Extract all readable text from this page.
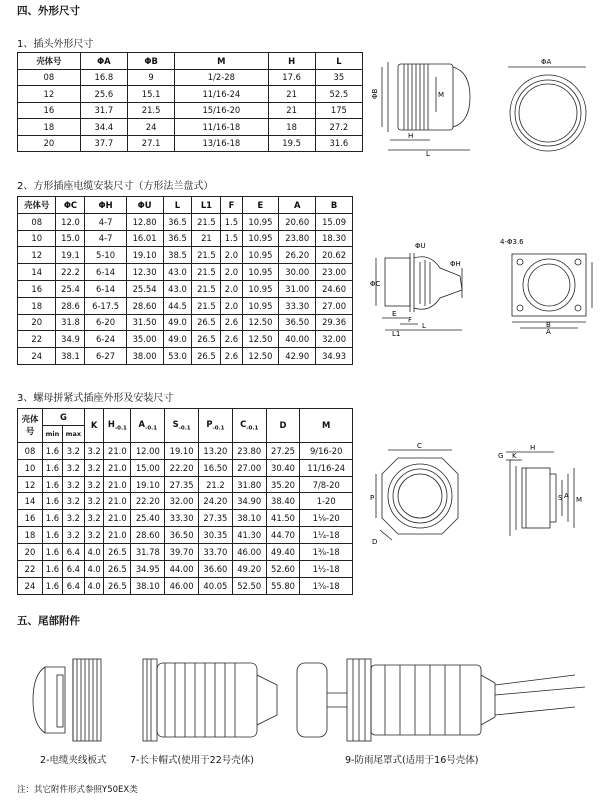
四、外形尺寸
1、插头外形尺寸
壳体号	ΦA	ΦB	M	H	L
08	16.8	9	1/2-28	17.6	35
12	25.6	15.1	11/16-24	21	52.5
16	31.7	21.5	15/16-20	21	175
18	34.4	24	11/16-18	18	27.2
20	37.7	27.1	13/16-18	19.5	31.6
ΦB	M
H
L
ΦA
2、方形插座电缆安装尺寸（方形法兰盘式）
壳体号	ΦC	ΦH	ΦU	L	L1	F	E	A	B
08	12.0	4-7	12.80	36.5	21.5	1.5	10.95	20.60	15.09
10	15.0	4-7	16.01	36.5	21	1.5	10.95	23.80	18.30
12	19.1	5-10	19.10	38.5	21.5	2.0	10.95	26.20	20.62
14	22.2	6-14	12.30	43.0	21.5	2.0	10.95	30.00	23.00
16	25.4	6-14	25.54	43.0	21.5	2.0	10.95	31.00	24.60
18	28.6	6-17.5	28.60	44.5	21.5	2.0	10.95	33.30	27.00
20	31.8	6-20	31.50	49.0	26.5	2.6	12.50	36.50	29.36
22	34.9	6-24	35.00	49.0	26.5	2.6	12.50	40.00	32.00
24	38.1	6-27	38.00	53.0	26.5	2.6	12.50	42.90	34.93
ΦU
ΦH
ΦC
E
F
L
L1
4-Φ3.6
B
A
3、螺母拼紧式插座外形及安装尺寸
壳体号	G		K	$H_{-0.1}$	$A_{-0.1}$	$S_{-0.1}$	$P_{-0.1}$	$C_{-0.1}$	D	M
	min	max								
08	1.6	3.2	3.2	21.0	12.00	19.10	13.20	23.80	27.25	9/16-20
10	1.6	3.2	3.2	21.0	15.00	22.20	16.50	27.00	30.40	11/16-24
12	1.6	3.2	3.2	21.0	19.10	27.35	21.2	31.80	35.20	7/8-20
14	1.6	3.2	3.2	21.0	22.20	32.00	24.20	34.90	38.40	1-20
16	1.6	3.2	3.2	21.0	25.40	33.30	27.35	38.10	41.50	1¹⁄₈-20
18	1.6	3.2	3.2	21.0	28.60	36.50	30.35	41.30	44.70	1¹⁄₄-18
20	1.6	6.4	4.0	26.5	31.78	39.70	33.70	46.00	49.40	1³⁄₈-18
22	1.6	6.4	4.0	26.5	34.95	44.00	36.60	49.20	52.60	1¹⁄₂-18
24	1.6	6.4	4.0	26.5	38.10	46.00	40.05	52.50	55.80	1⁵⁄₈-18
C
P
D
H
G K
S A M
五、尾部附件
2-电缆夹线板式 7-长卡帽式(使用于22号壳体)	9-防雨尾罩式(适用于16号壳体)
注：其它附件形式参照Y50EX类
